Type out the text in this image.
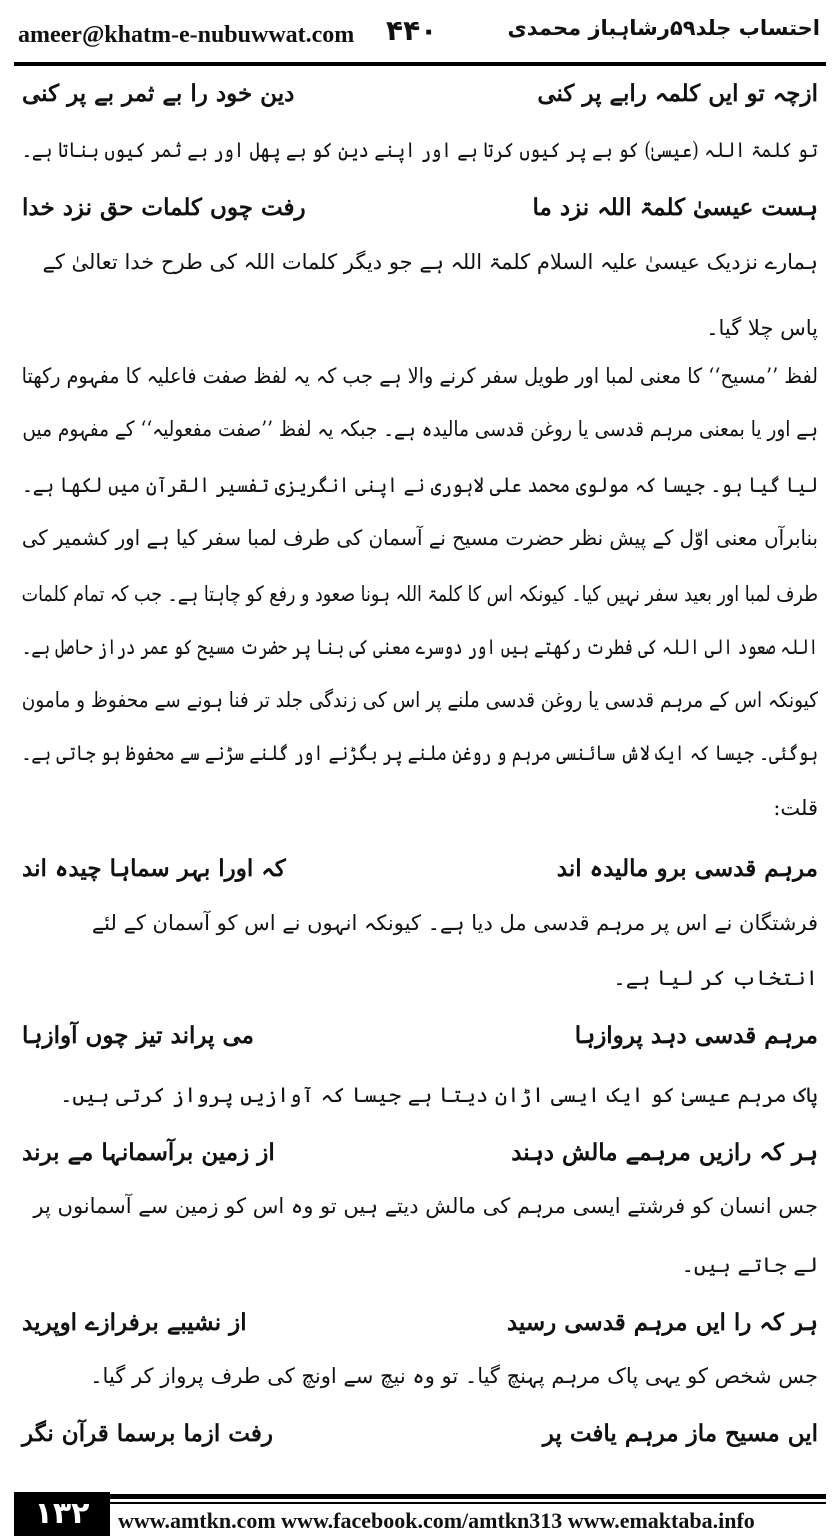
ameer@khatm-e-nubuwwat.com ۴۴۰	احتساب جلد۵۹رشاہباز محمدی
ازچہ تو ایں کلمہ رابے پر کنی
دین خود را بے ثمر بے پر کنی
تو کلمۃ اللہ (عیسیٰ) کو بے پر کیوں کرتا ہے اور اپنے دین کو بے پھل اور بے ثمر کیوں بناتا ہے۔
ہست عیسیٰ کلمۃ اللہ نزد ما
رفت چوں کلمات حق نزد خدا
ہمارے نزدیک عیسیٰ علیہ السلام کلمۃ اللہ ہے جو دیگر کلمات اللہ کی طرح خدا تعالیٰ کے
پاس چلا گیا۔
لفظ ’’مسیح‘‘ کا معنی لمبا اور طویل سفر کرنے والا ہے جب کہ یہ لفظ صفت فاعلیہ کا مفہوم رکھتا
ہے اور یا بمعنی مرہم قدسی یا روغن قدسی مالیدہ ہے۔ جبکہ یہ لفظ ’’صفت مفعولیہ‘‘ کے مفہوم میں
لیا گیا ہو۔ جیسا کہ مولوی محمد علی لاہوری نے اپنی انگریزی تفسیر القرآن میں لکھا ہے۔
بنابرآں معنی اوّل کے پیش نظر حضرت مسیح نے آسمان کی طرف لمبا سفر کیا ہے اور کشمیر کی
طرف لمبا اور بعید سفر نہیں کیا۔ کیونکہ اس کا کلمۃ اللہ ہونا صعود و رفع کو چاہتا ہے۔ جب کہ تمام کلمات
اللہ صعود الی اللہ کی فطرت رکھتے ہیں اور دوسرے معنی کی بنا پر حضرت مسیح کو عمر دراز حاصل ہے۔
کیونکہ اس کے مرہم قدسی یا روغن قدسی ملنے پر اس کی زندگی جلد تر فنا ہونے سے محفوظ و مامون
ہوگئی۔ جیسا کہ ایک لاش سائنسی مرہم و روغن ملنے پر بگڑنے اور گلنے سڑنے سے محفوظ ہو جاتی ہے۔
قلت:
مرہم قدسی برو مالیدہ اند
کہ اورا بہر سماہا چیدہ اند
فرشتگان نے اس پر مرہم قدسی مل دیا ہے۔ کیونکہ انہوں نے اس کو آسمان کے لئے
انتخاب کر لیا ہے۔
مرہم قدسی دہد پروازہا
می پراند تیز چوں آوازہا
پاک مرہم عیسیٰ کو ایک ایسی اڑان دیتا ہے جیسا کہ آوازیں پرواز کرتی ہیں۔
ہر کہ رازیں مرہمے مالش دہند
از زمین برآسمانہا مے برند
جس انسان کو فرشتے ایسی مرہم کی مالش دیتے ہیں تو وہ اس کو زمین سے آسمانوں پر
لے جاتے ہیں۔
ہر کہ را ایں مرہم قدسی رسید
از نشیبے برفرازے اوپرید
جس شخص کو یہی پاک مرہم پہنچ گیا۔ تو وہ نیچ سے اونچ کی طرف پرواز کر گیا۔
ایں مسیح ماز مرہم یافت پر
رفت ازما برسما قرآن نگر
۱۳۲	www.amtkn.com www.facebook.com/amtkn313 www.emaktaba.info
